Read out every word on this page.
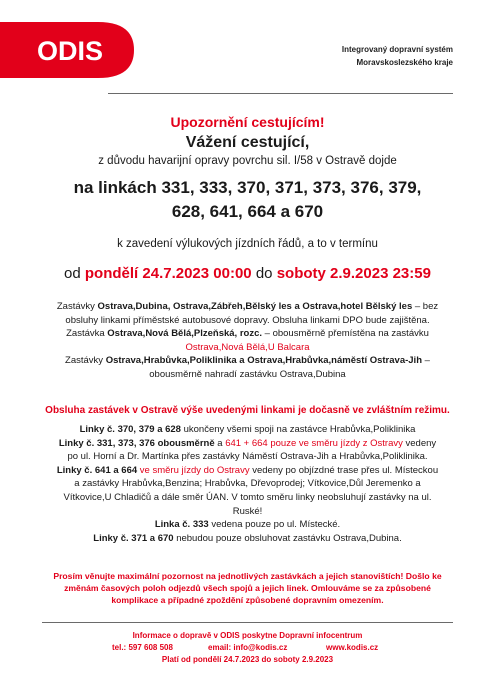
ODIS	Integrovaný dopravní systém
Moravskoslezského kraje
Upozornění cestujícím!
Vážení cestující,
z důvodu havarijní opravy povrchu sil. I/58 v Ostravě dojde
na linkách 331, 333, 370, 371, 373, 376, 379,
628, 641, 664 a 670
k zavedení výlukových jízdních řádů, a to v termínu
od pondělí 24.7.2023 00:00 do soboty 2.9.2023 23:59
Zastávky Ostrava,Dubina, Ostrava,Zábřeh,Bělský les a Ostrava,hotel Bělský les – bez
obsluhy linkami příměstské autobusové dopravy. Obsluha linkami DPO bude zajištěna.
Zastávka Ostrava,Nová Bělá,Plzeňská, rozc. – obousměrně přemístěna na zastávku
Ostrava,Nová Bělá,U Balcara
Zastávky Ostrava,Hrabůvka,Poliklinika a Ostrava,Hrabůvka,náměstí Ostrava-Jih –
obousměrně nahradí zastávku Ostrava,Dubina
Obsluha zastávek v Ostravě výše uvedenými linkami je dočasně ve zvláštním režimu.
Linky č. 370, 379 a 628 ukončeny všemi spoji na zastávce Hrabůvka,Poliklinika
Linky č. 331, 373, 376 obousměrně a 641 + 664 pouze ve směru jízdy z Ostravy vedeny
po ul. Horní a Dr. Martínka přes zastávky Náměstí Ostrava-Jih a Hrabůvka,Poliklinika.
Linky č. 641 a 664 ve směru jízdy do Ostravy vedeny po objízdné trase přes ul. Místeckou
a zastávky Hrabůvka,Benzina; Hrabůvka, Dřevoprodej; Vítkovice,Důl Jeremenko a
Vítkovice,U Chladičů a dále směr ÚAN. V tomto směru linky neobsluhují zastávky na ul.
Ruské!
Linka č. 333 vedena pouze po ul. Místecké.
Linky č. 371 a 670 nebudou pouze obsluhovat zastávku Ostrava,Dubina.
Prosím věnujte maximální pozornost na jednotlivých zastávkách a jejich stanovištích! Došlo ke
změnám časových poloh odjezdů všech spojů a jejich linek. Omlouváme se za způsobené
komplikace a případné zpoždění způsobené dopravním omezením.
Informace o dopravě v ODIS poskytne Dopravní infocentrum
tel.: 597 608 508	email: info@kodis.cz	www.kodis.cz
Platí od pondělí 24.7.2023 do soboty 2.9.2023
